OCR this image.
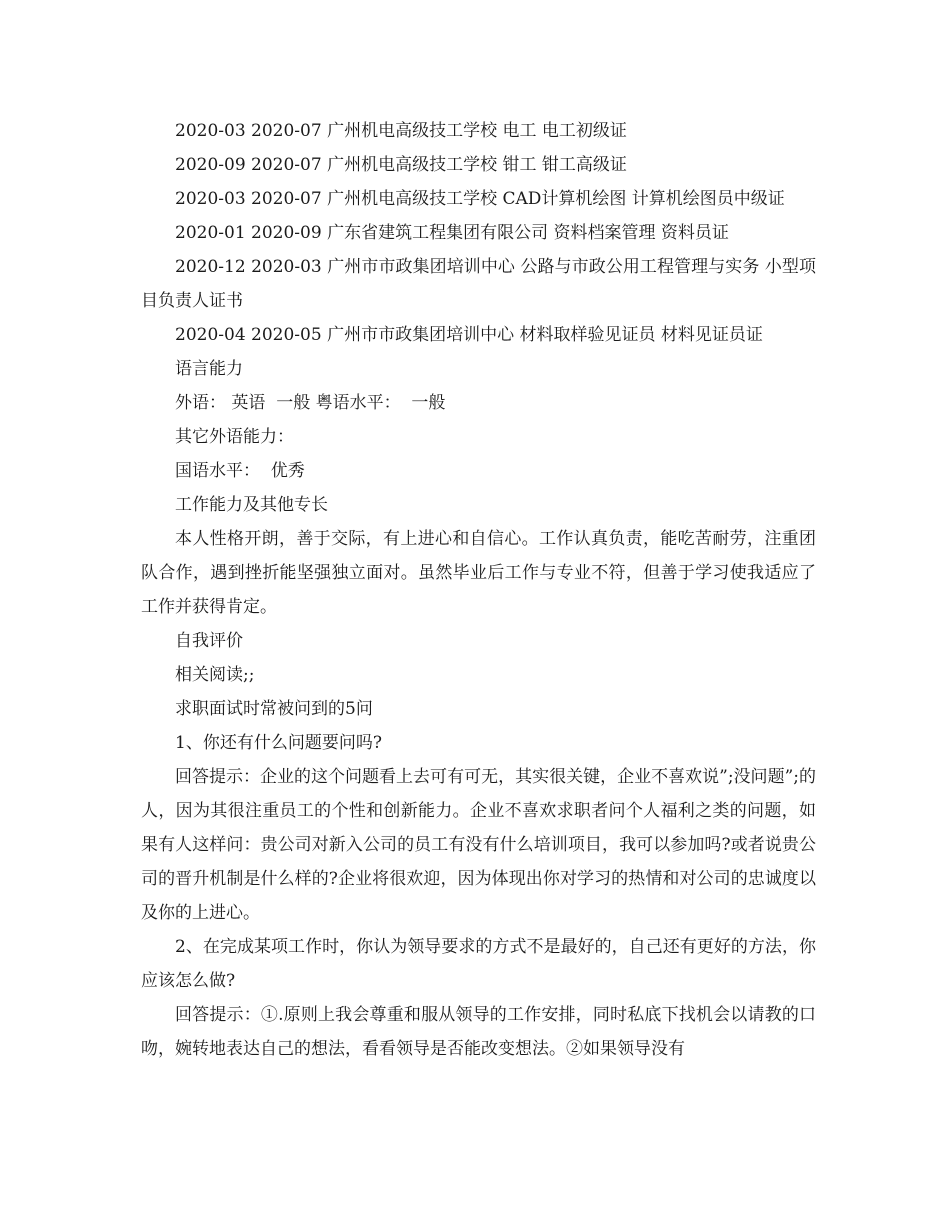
2020-03 2020-07 广州机电高级技工学校 电工 电工初级证

2020-09 2020-07 广州机电高级技工学校 钳工 钳工高级证

2020-03 2020-07 广州机电高级技工学校 CAD计算机绘图 计算机绘图员中级证

2020-01 2020-09 广东省建筑工程集团有限公司 资料档案管理 资料员证

2020-12 2020-03 广州市市政集团培训中心 公路与市政公用工程管理与实务 小型项目负责人证书

2020-04 2020-05 广州市市政集团培训中心 材料取样验见证员 材料见证员证

语言能力

外语： 英语  一般 粤语水平：  一般

其它外语能力：

国语水平：  优秀

工作能力及其他专长

本人性格开朗，善于交际，有上进心和自信心。工作认真负责，能吃苦耐劳，注重团队合作，遇到挫折能坚强独立面对。虽然毕业后工作与专业不符，但善于学习使我适应了工作并获得肯定。

自我评价

相关阅读;;

求职面试时常被问到的5问

1、你还有什么问题要问吗?

回答提示：企业的这个问题看上去可有可无，其实很关键，企业不喜欢说”;没问题”;的人，因为其很注重员工的个性和创新能力。企业不喜欢求职者问个人福利之类的问题，如果有人这样问：贵公司对新入公司的员工有没有什么培训项目，我可以参加吗?或者说贵公司的晋升机制是什么样的?企业将很欢迎，因为体现出你对学习的热情和对公司的忠诚度以及你的上进心。

2、在完成某项工作时，你认为领导要求的方式不是最好的，自己还有更好的方法，你应该怎么做?

回答提示：①.原则上我会尊重和服从领导的工作安排，同时私底下找机会以请教的口吻，婉转地表达自己的想法，看看领导是否能改变想法。②如果领导没有
